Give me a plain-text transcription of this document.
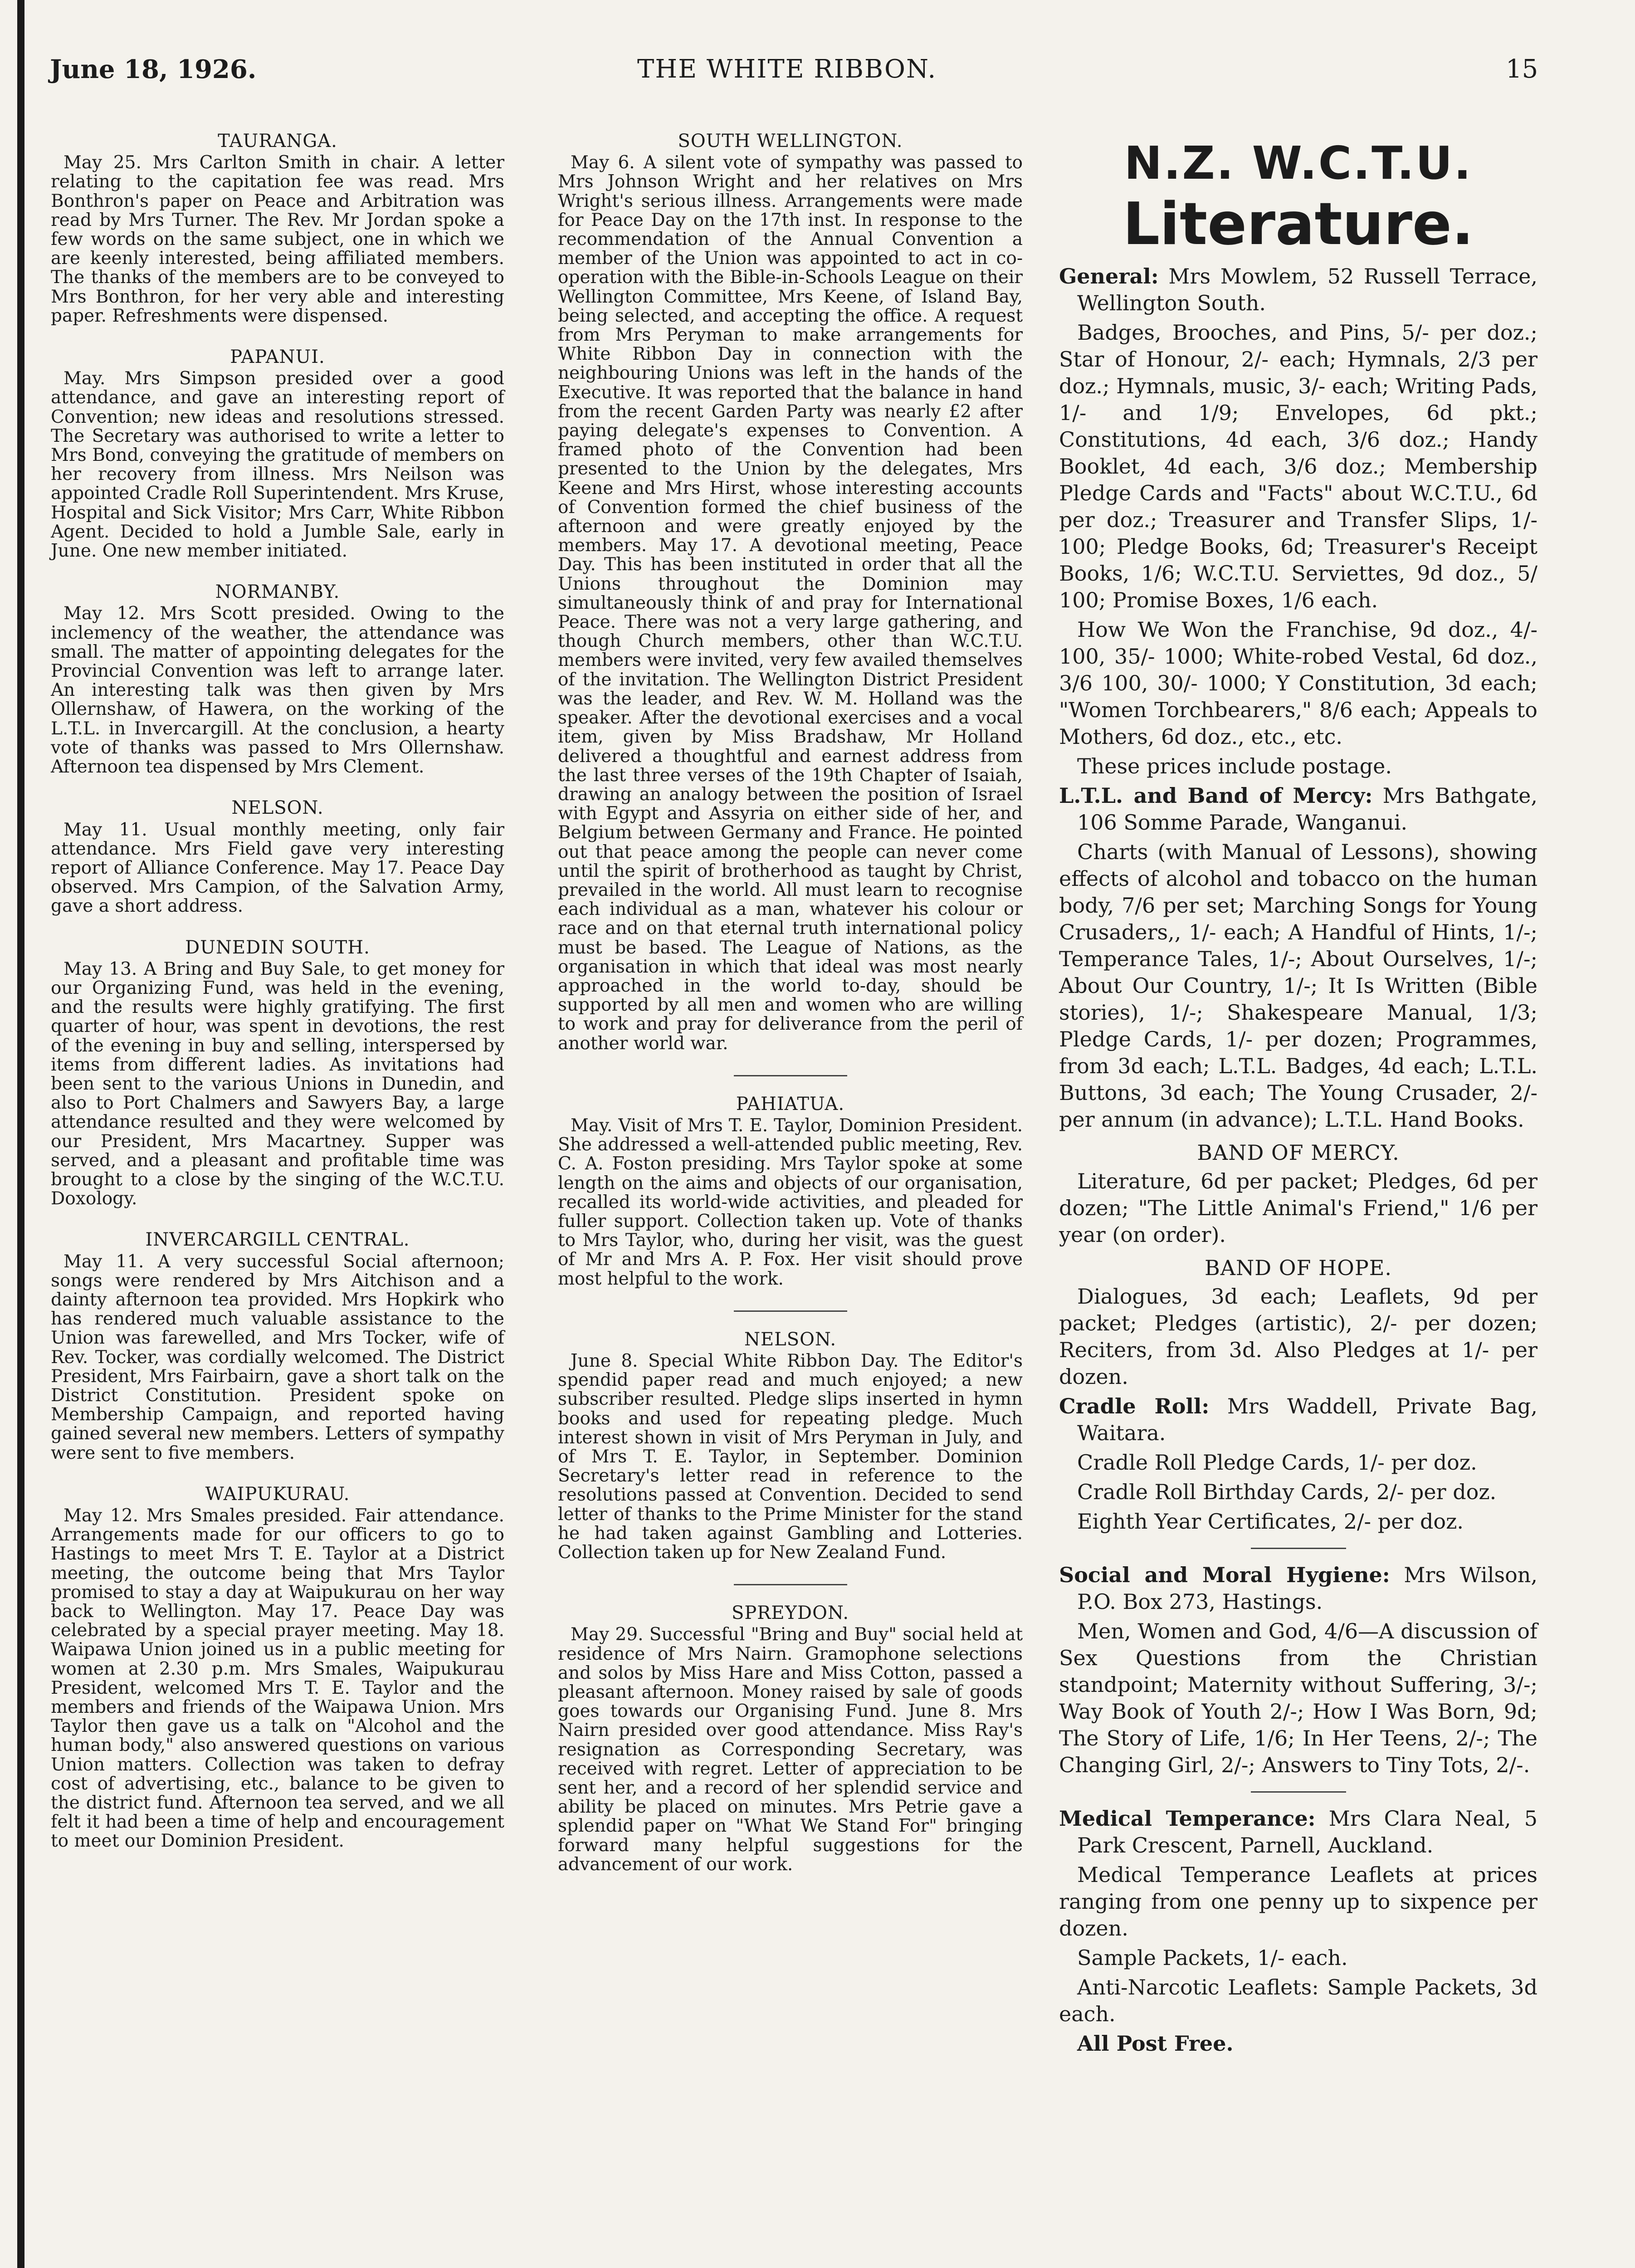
June 18, 1926.	THE WHITE RIBBON.	15
TAURANGA.

May 25. Mrs Carlton Smith in chair. A letter relating to the capitation fee was read. Mrs Bonthron's paper on Peace and Arbitration was read by Mrs Turner. The Rev. Mr Jordan spoke a few words on the same subject, one in which we are keenly interested, being affiliated members. The thanks of the members are to be conveyed to Mrs Bonthron, for her very able and interesting paper. Refreshments were dispensed.

PAPANUI.

May. Mrs Simpson presided over a good attendance, and gave an interesting report of Convention; new ideas and resolutions stressed. The Secretary was authorised to write a letter to Mrs Bond, conveying the gratitude of members on her recovery from illness. Mrs Neilson was appointed Cradle Roll Superintendent. Mrs Kruse, Hospital and Sick Visitor; Mrs Carr, White Ribbon Agent. Decided to hold a Jumble Sale, early in June. One new member initiated.

NORMANBY.

May 12. Mrs Scott presided. Owing to the inclemency of the weather, the attendance was small. The matter of appointing delegates for the Provincial Convention was left to arrange later. An interesting talk was then given by Mrs Ollernshaw, of Hawera, on the working of the L.T.L. in Invercargill. At the conclusion, a hearty vote of thanks was passed to Mrs Ollernshaw. Afternoon tea dispensed by Mrs Clement.

NELSON.

May 11. Usual monthly meeting, only fair attendance. Mrs Field gave very interesting report of Alliance Conference. May 17. Peace Day observed. Mrs Campion, of the Salvation Army, gave a short address.

DUNEDIN SOUTH.

May 13. A Bring and Buy Sale, to get money for our Organizing Fund, was held in the evening, and the results were highly gratifying. The first quarter of hour, was spent in devotions, the rest of the evening in buy and selling, interspersed by items from different ladies. As invitations had been sent to the various Unions in Dunedin, and also to Port Chalmers and Sawyers Bay, a large attendance resulted and they were welcomed by our President, Mrs Macartney. Supper was served, and a pleasant and profitable time was brought to a close by the singing of the W.C.T.U. Doxology.

INVERCARGILL CENTRAL.

May 11. A very successful Social afternoon; songs were rendered by Mrs Aitchison and a dainty afternoon tea provided. Mrs Hopkirk who has rendered much valuable assistance to the Union was farewelled, and Mrs Tocker, wife of Rev. Tocker, was cordially welcomed. The District President, Mrs Fairbairn, gave a short talk on the District Constitution. President spoke on Membership Campaign, and reported having gained several new members. Letters of sympathy were sent to five members.

WAIPUKURAU.

May 12. Mrs Smales presided. Fair attendance. Arrangements made for our officers to go to Hastings to meet Mrs T. E. Taylor at a District meeting, the outcome being that Mrs Taylor promised to stay a day at Waipukurau on her way back to Wellington. May 17. Peace Day was celebrated by a special prayer meeting. May 18. Waipawa Union joined us in a public meeting for women at 2.30 p.m. Mrs Smales, Waipukurau President, welcomed Mrs T. E. Taylor and the members and friends of the Waipawa Union. Mrs Taylor then gave us a talk on "Alcohol and the human body," also answered questions on various Union matters. Collection was taken to defray cost of advertising, etc., balance to be given to the district fund. Afternoon tea served, and we all felt it had been a time of help and encouragement to meet our Dominion President.

SOUTH WELLINGTON.

May 6. A silent vote of sympathy was passed to Mrs Johnson Wright and her relatives on Mrs Wright's serious illness. Arrangements were made for Peace Day on the 17th inst. In response to the recommendation of the Annual Convention a member of the Union was appointed to act in co-operation with the Bible-in-Schools League on their Wellington Committee, Mrs Keene, of Island Bay, being selected, and accepting the office. A request from Mrs Peryman to make arrangements for White Ribbon Day in connection with the neighbouring Unions was left in the hands of the Executive. It was reported that the balance in hand from the recent Garden Party was nearly £2 after paying delegate's expenses to Convention. A framed photo of the Convention had been presented to the Union by the delegates, Mrs Keene and Mrs Hirst, whose interesting accounts of Convention formed the chief business of the afternoon and were greatly enjoyed by the members. May 17. A devotional meeting, Peace Day. This has been instituted in order that all the Unions throughout the Dominion may simultaneously think of and pray for International Peace. There was not a very large gathering, and though Church members, other than W.C.T.U. members were invited, very few availed themselves of the invitation. The Wellington District President was the leader, and Rev. W. M. Holland was the speaker. After the devotional exercises and a vocal item, given by Miss Bradshaw, Mr Holland delivered a thoughtful and earnest address from the last three verses of the 19th Chapter of Isaiah, drawing an analogy between the position of Israel with Egypt and Assyria on either side of her, and Belgium between Germany and France. He pointed out that peace among the people can never come until the spirit of brotherhood as taught by Christ, prevailed in the world. All must learn to recognise each individual as a man, whatever his colour or race and on that eternal truth international policy must be based. The League of Nations, as the organisation in which that ideal was most nearly approached in the world to-day, should be supported by all men and women who are willing to work and pray for deliverance from the peril of another world war.

PAHIATUA.

May. Visit of Mrs T. E. Taylor, Dominion President. She addressed a well-attended public meeting, Rev. C. A. Foston presiding. Mrs Taylor spoke at some length on the aims and objects of our organisation, recalled its world-wide activities, and pleaded for fuller support. Collection taken up. Vote of thanks to Mrs Taylor, who, during her visit, was the guest of Mr and Mrs A. P. Fox. Her visit should prove most helpful to the work.

NELSON.

June 8. Special White Ribbon Day. The Editor's spendid paper read and much enjoyed; a new subscriber resulted. Pledge slips inserted in hymn books and used for repeating pledge. Much interest shown in visit of Mrs Peryman in July, and of Mrs T. E. Taylor, in September. Dominion Secretary's letter read in reference to the resolutions passed at Convention. Decided to send letter of thanks to the Prime Minister for the stand he had taken against Gambling and Lotteries. Collection taken up for New Zealand Fund.

SPREYDON.

May 29. Successful "Bring and Buy" social held at residence of Mrs Nairn. Gramophone selections and solos by Miss Hare and Miss Cotton, passed a pleasant afternoon. Money raised by sale of goods goes towards our Organising Fund. June 8. Mrs Nairn presided over good attendance. Miss Ray's resignation as Corresponding Secretary, was received with regret. Letter of appreciation to be sent her, and a record of her splendid service and ability be placed on minutes. Mrs Petrie gave a splendid paper on "What We Stand For" bringing forward many helpful suggestions for the advancement of our work.

N.Z. W.C.T.U.
Literature.

General: Mrs Mowlem, 52 Russell Terrace, Wellington South.

Badges, Brooches, and Pins, 5/- per doz.; Star of Honour, 2/- each; Hymnals, 2/3 per doz.; Hymnals, music, 3/- each; Writing Pads, 1/- and 1/9; Envelopes, 6d pkt.; Constitutions, 4d each, 3/6 doz.; Handy Booklet, 4d each, 3/6 doz.; Membership Pledge Cards and "Facts" about W.C.T.U., 6d per doz.; Treasurer and Transfer Slips, 1/- 100; Pledge Books, 6d; Treasurer's Receipt Books, 1/6; W.C.T.U. Serviettes, 9d doz., 5/ 100; Promise Boxes, 1/6 each.

How We Won the Franchise, 9d doz., 4/- 100, 35/- 1000; White-robed Vestal, 6d doz., 3/6 100, 30/- 1000; Y Constitution, 3d each; "Women Torchbearers," 8/6 each; Appeals to Mothers, 6d doz., etc., etc.

These prices include postage.

L.T.L. and Band of Mercy: Mrs Bathgate, 106 Somme Parade, Wanganui.

Charts (with Manual of Lessons), showing effects of alcohol and tobacco on the human body, 7/6 per set; Marching Songs for Young Crusaders,, 1/- each; A Handful of Hints, 1/-; Temperance Tales, 1/-; About Ourselves, 1/-; About Our Country, 1/-; It Is Written (Bible stories), 1/-; Shakespeare Manual, 1/3; Pledge Cards, 1/- per dozen; Programmes, from 3d each; L.T.L. Badges, 4d each; L.T.L. Buttons, 3d each; The Young Crusader, 2/- per annum (in advance); L.T.L. Hand Books.

BAND OF MERCY.

Literature, 6d per packet; Pledges, 6d per dozen; "The Little Animal's Friend," 1/6 per year (on order).

BAND OF HOPE.

Dialogues, 3d each; Leaflets, 9d per packet; Pledges (artistic), 2/- per dozen; Reciters, from 3d. Also Pledges at 1/- per dozen.

Cradle Roll: Mrs Waddell, Private Bag, Waitara.

Cradle Roll Pledge Cards, 1/- per doz.

Cradle Roll Birthday Cards, 2/- per doz.

Eighth Year Certificates, 2/- per doz.

Social and Moral Hygiene: Mrs Wilson, P.O. Box 273, Hastings.

Men, Women and God, 4/6—A discussion of Sex Questions from the Christian standpoint; Maternity without Suffering, 3/-; Way Book of Youth 2/-; How I Was Born, 9d; The Story of Life, 1/6; In Her Teens, 2/-; The Changing Girl, 2/-; Answers to Tiny Tots, 2/-.

Medical Temperance: Mrs Clara Neal, 5 Park Crescent, Parnell, Auckland.

Medical Temperance Leaflets at prices ranging from one penny up to sixpence per dozen.

Sample Packets, 1/- each.

Anti-Narcotic Leaflets: Sample Packets, 3d each.

All Post Free.
